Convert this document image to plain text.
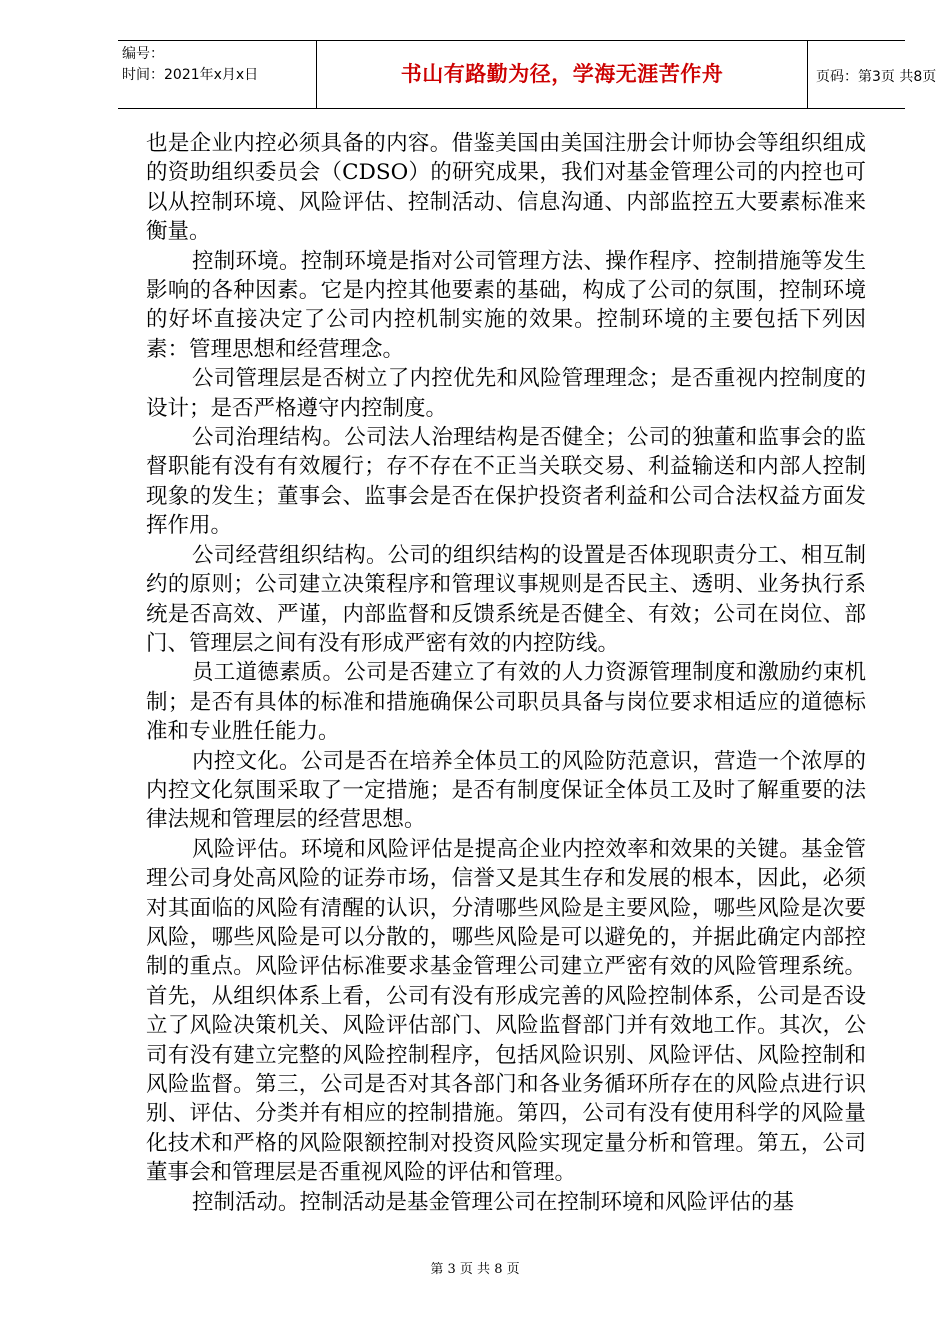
编号：
时间：2021年x月x日	书山有路勤为径，学海无涯苦作舟	页码：第3页 共8页

也是企业内控必须具备的内容。借鉴美国由美国注册会计师协会等组织组成的资助组织委员会（CDSO）的研究成果，我们对基金管理公司的内控也可以从控制环境、风险评估、控制活动、信息沟通、内部监控五大要素标准来衡量。

控制环境。控制环境是指对公司管理方法、操作程序、控制措施等发生影响的各种因素。它是内控其他要素的基础，构成了公司的氛围，控制环境的好坏直接决定了公司内控机制实施的效果。控制环境的主要包括下列因素：管理思想和经营理念。

公司管理层是否树立了内控优先和风险管理理念；是否重视内控制度的设计；是否严格遵守内控制度。

公司治理结构。公司法人治理结构是否健全；公司的独董和监事会的监督职能有没有有效履行；存不存在不正当关联交易、利益输送和内部人控制现象的发生；董事会、监事会是否在保护投资者利益和公司合法权益方面发挥作用。

公司经营组织结构。公司的组织结构的设置是否体现职责分工、相互制约的原则；公司建立决策程序和管理议事规则是否民主、透明、业务执行系统是否高效、严谨，内部监督和反馈系统是否健全、有效；公司在岗位、部门、管理层之间有没有形成严密有效的内控防线。

员工道德素质。公司是否建立了有效的人力资源管理制度和激励约束机制；是否有具体的标准和措施确保公司职员具备与岗位要求相适应的道德标准和专业胜任能力。

内控文化。公司是否在培养全体员工的风险防范意识，营造一个浓厚的内控文化氛围采取了一定措施；是否有制度保证全体员工及时了解重要的法律法规和管理层的经营思想。

风险评估。环境和风险评估是提高企业内控效率和效果的关键。基金管理公司身处高风险的证券市场，信誉又是其生存和发展的根本，因此，必须对其面临的风险有清醒的认识，分清哪些风险是主要风险，哪些风险是次要风险，哪些风险是可以分散的，哪些风险是可以避免的，并据此确定内部控制的重点。风险评估标准要求基金管理公司建立严密有效的风险管理系统。首先，从组织体系上看，公司有没有形成完善的风险控制体系，公司是否设立了风险决策机关、风险评估部门、风险监督部门并有效地工作。其次，公司有没有建立完整的风险控制程序，包括风险识别、风险评估、风险控制和风险监督。第三，公司是否对其各部门和各业务循环所存在的风险点进行识别、评估、分类并有相应的控制措施。第四，公司有没有使用科学的风险量化技术和严格的风险限额控制对投资风险实现定量分析和管理。第五，公司董事会和管理层是否重视风险的评估和管理。

控制活动。控制活动是基金管理公司在控制环境和风险评估的基

第 3 页 共 8 页
